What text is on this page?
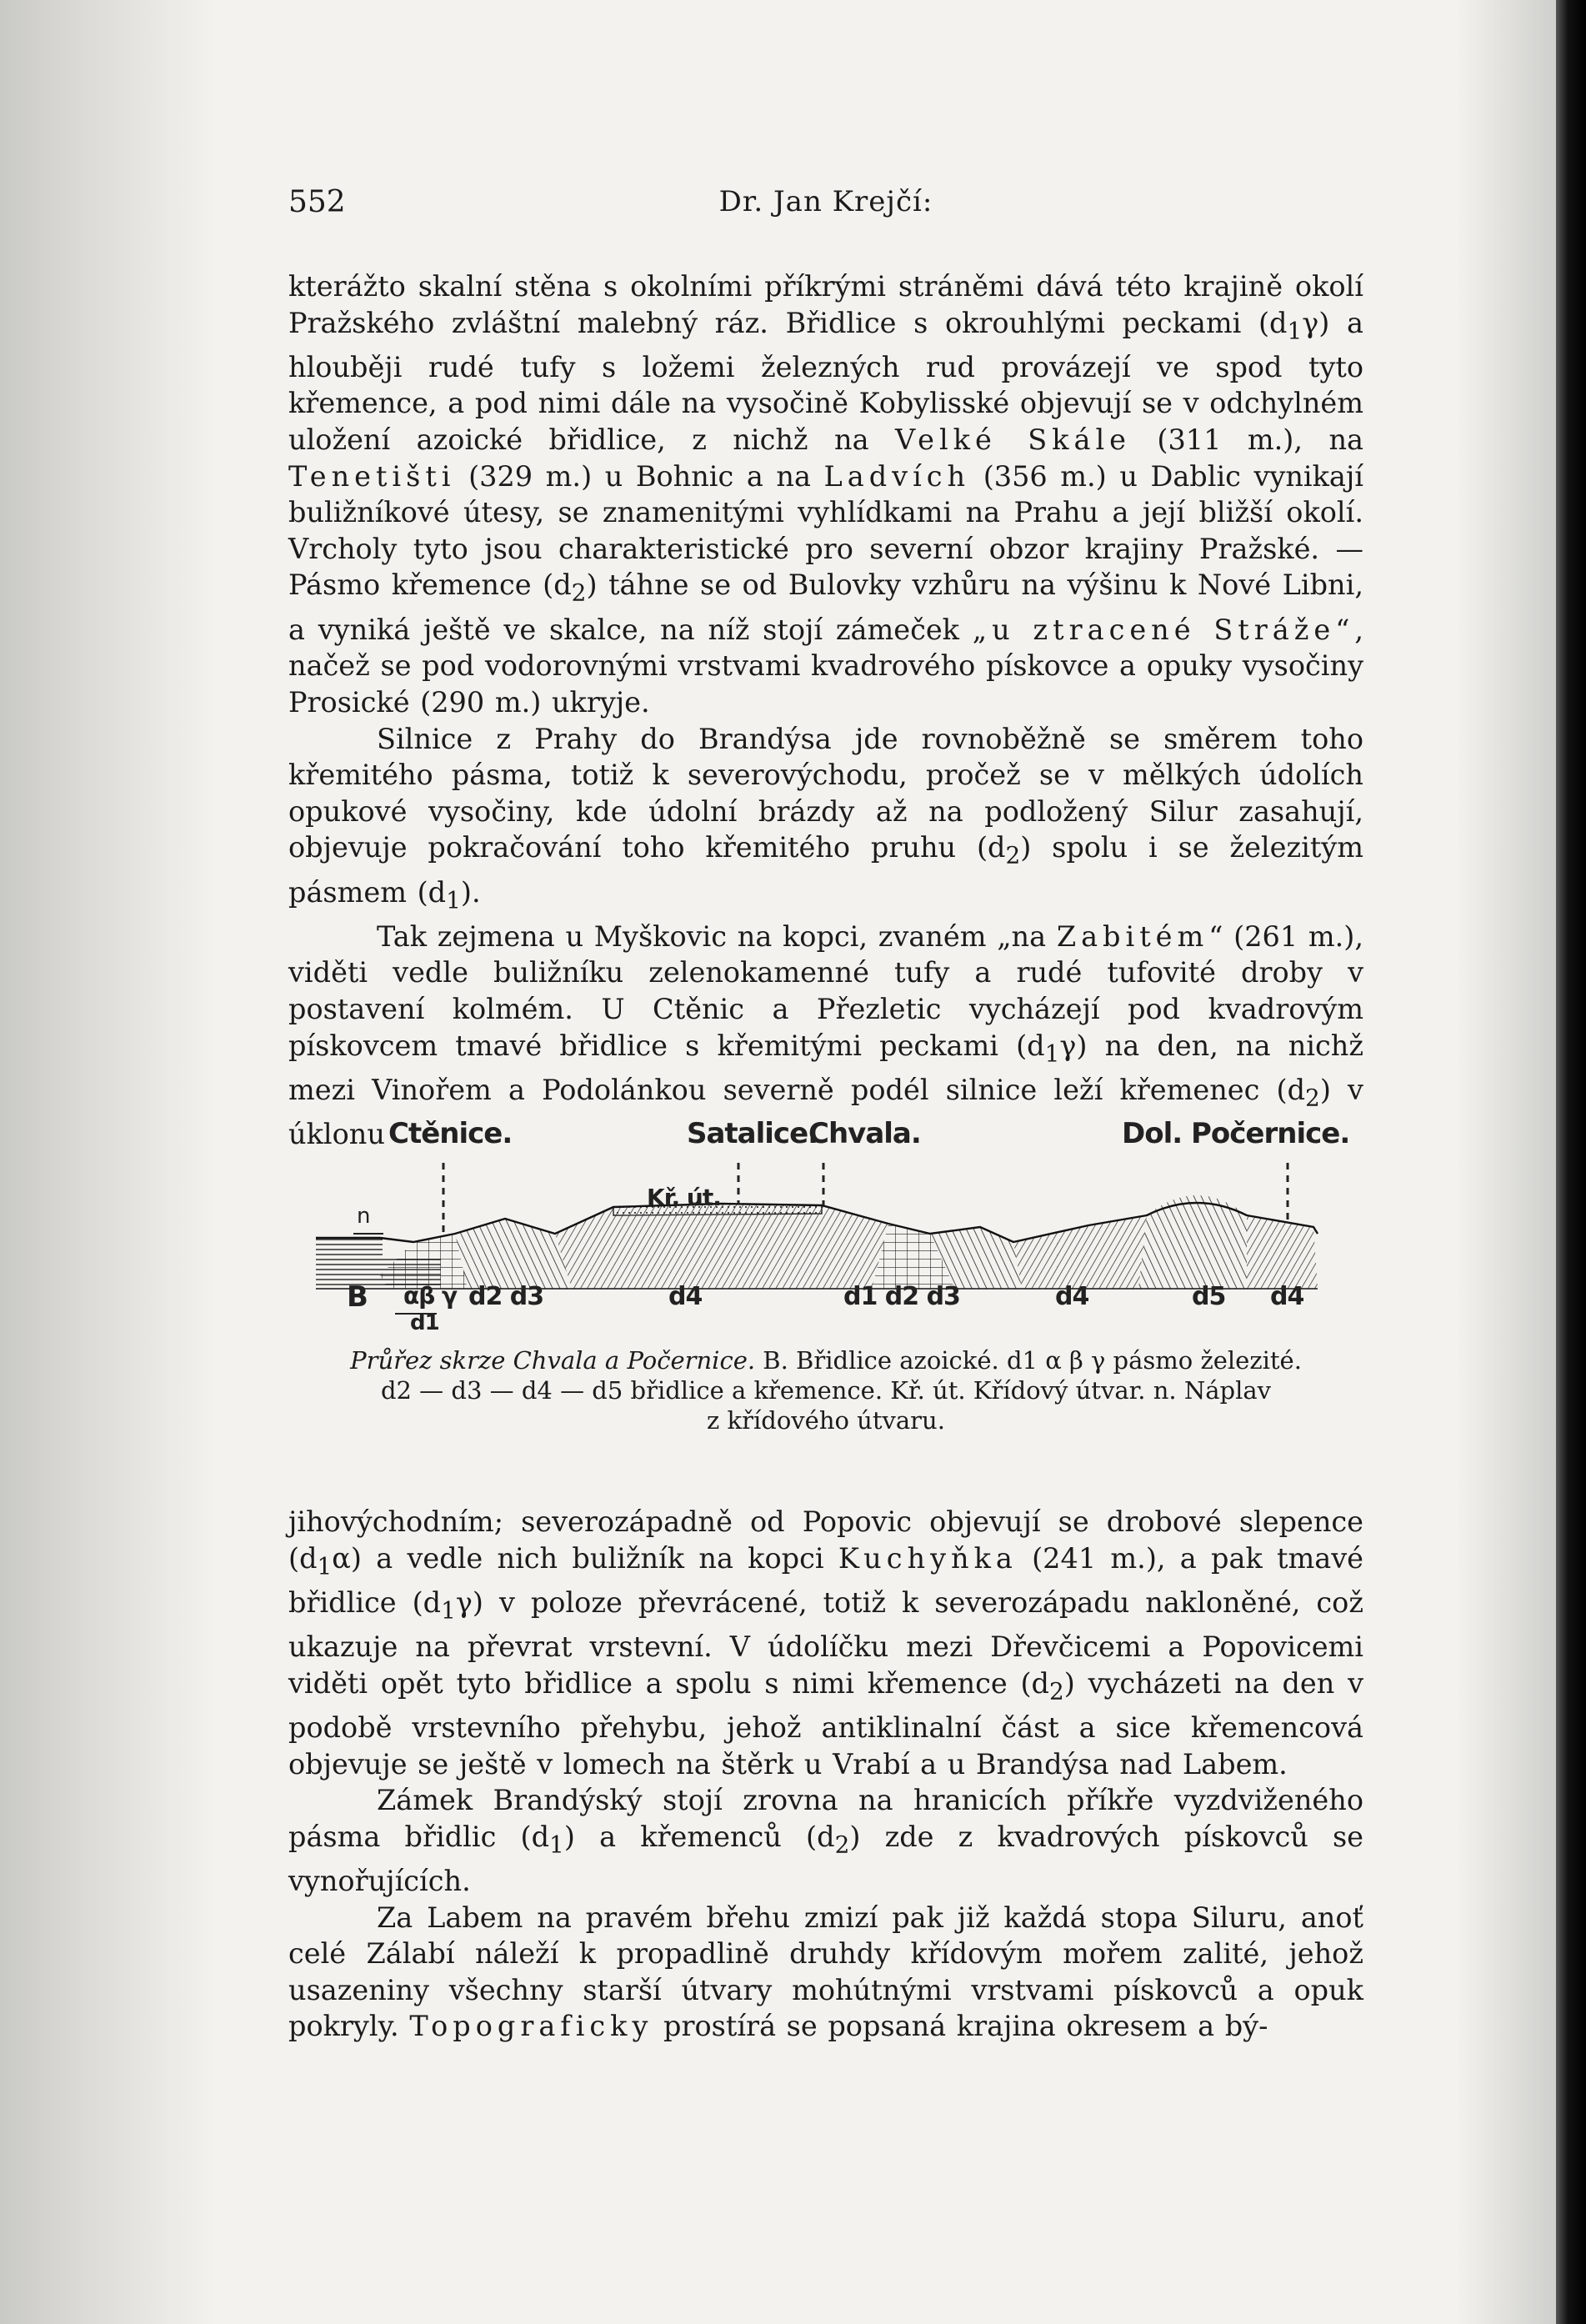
552	Dr. Jan Krejčí:

kterážto skalní stěna s okolními příkrými stráněmi dává této krajině okolí Pražského zvláštní malebný ráz. Břidlice s okrouhlými peckami $(d_1\gamma)$ a hlouběji rudé tufy s ložemi železných rud provázejí ve spod tyto křemence, a pod nimi dále na vysočině Kobylisské objevují se v odchylném uložení azoické břidlice, z nichž na Velké Skále (311 m.), na Tenetišti (329 m.) u Bohnic a na Ladvích (356 m.) u Dablic vynikají buližníkové útesy, se znamenitými vyhlídkami na Prahu a její bližší okolí. Vrcholy tyto jsou charakteristické pro severní obzor krajiny Pražské. — Pásmo křemence $(d_2)$ táhne se od Bulovky vzhůru na výšinu k Nové Libni, a vyniká ještě ve skalce, na níž stojí zámeček „u ztracené Stráže“, načež se pod vodorovnými vrstvami kvadrového pískovce a opuky vysočiny Prosické (290 m.) ukryje.

Silnice z Prahy do Brandýsa jde rovnoběžně se směrem toho křemitého pásma, totiž k severovýchodu, pročež se v mělkých údolích opukové vysočiny, kde údolní brázdy až na podložený Silur zasahují, objevuje pokračování toho křemitého pruhu $(d_2)$ spolu i se železitým pásmem $(d_1)$.

Tak zejmena u Myškovic na kopci, zvaném „na Zabitém“ (261 m.), viděti vedle buližníku zelenokamenné tufy a rudé tufovité droby v postavení kolmém. U Ctěnic a Přezletic vycházejí pod kvadrovým pískovcem tmavé břidlice s křemitými peckami $(d_1\gamma)$ na den, na nichž mezi Vinořem a Podolánkou severně podél silnice leží křemenec $(d_2)$ v úklonu Ctěnice.	Satalice.
Chvala.	Dol. Počernice.
Kř. út.
n
B αβ γ
d1
d2 d3	d4	d1 d2 d3	d4	d5 d4
Průřez skrze Chvala a Počernice. B. Břidlice azoické. d1 α β γ pásmo železité.
d2 — d3 — d4 — d5 břidlice a křemence. Kř. út. Křídový útvar. n. Náplav
z křídového útvaru.

jihovýchodním; severozápadně od Popovic objevují se drobové slepence $(d_1\alpha)$ a vedle nich buližník na kopci Kuchyňka (241 m.), a pak tmavé břidlice $(d_1\gamma)$ v poloze převrácené, totiž k severozápadu nakloněné, což ukazuje na převrat vrstevní. V údolíčku mezi Dřevčicemi a Popovicemi viděti opět tyto břidlice a spolu s nimi křemence $(d_2)$ vycházeti na den v podobě vrstevního přehybu, jehož antiklinalní část a sice křemencová objevuje se ještě v lomech na štěrk u Vrabí a u Brandýsa nad Labem.

Zámek Brandýský stojí zrovna na hranicích příkře vyzdviženého pásma břidlic $(d_1)$ a křemenců $(d_2)$ zde z kvadrových pískovců se vynořujících.

Za Labem na pravém břehu zmizí pak již každá stopa Siluru, anoť celé Zálabí náleží k propadlině druhdy křídovým mořem zalité, jehož usazeniny všechny starší útvary mohútnými vrstvami pískovců a opuk pokryly. Topograficky prostírá se popsaná krajina okresem a bý-
